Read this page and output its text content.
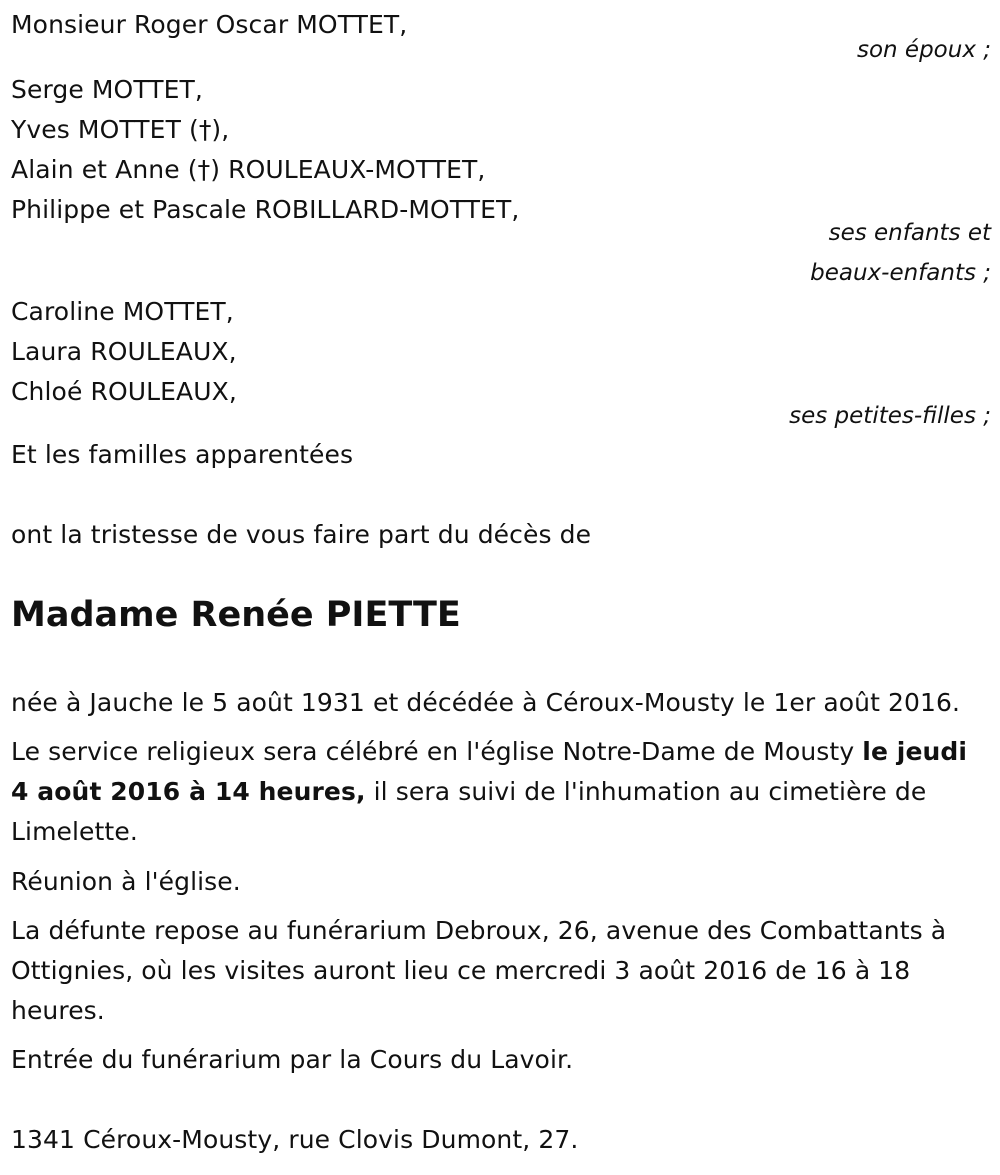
Monsieur Roger Oscar MOTTET,
son époux ;
Serge MOTTET,
Yves MOTTET (†),
Alain et Anne (†) ROULEAUX-MOTTET,
Philippe et Pascale ROBILLARD-MOTTET,
ses enfants et
beaux-enfants ;
Caroline MOTTET,
Laura ROULEAUX,
Chloé ROULEAUX,
ses petites-filles ;
Et les familles apparentées
ont la tristesse de vous faire part du décès de
Madame Renée PIETTE
née à Jauche le 5 août 1931 et décédée à Céroux-Mousty le 1er août 2016.
Le service religieux sera célébré en l'église Notre-Dame de Mousty le jeudi 4 août 2016 à 14 heures, il sera suivi de l'inhumation au cimetière de Limelette.
Réunion à l'église.
La défunte repose au funérarium Debroux, 26, avenue des Combattants à Ottignies, où les visites auront lieu ce mercredi 3 août 2016 de 16 à 18 heures.
Entrée du funérarium par la Cours du Lavoir.
1341 Céroux-Mousty, rue Clovis Dumont, 27.
